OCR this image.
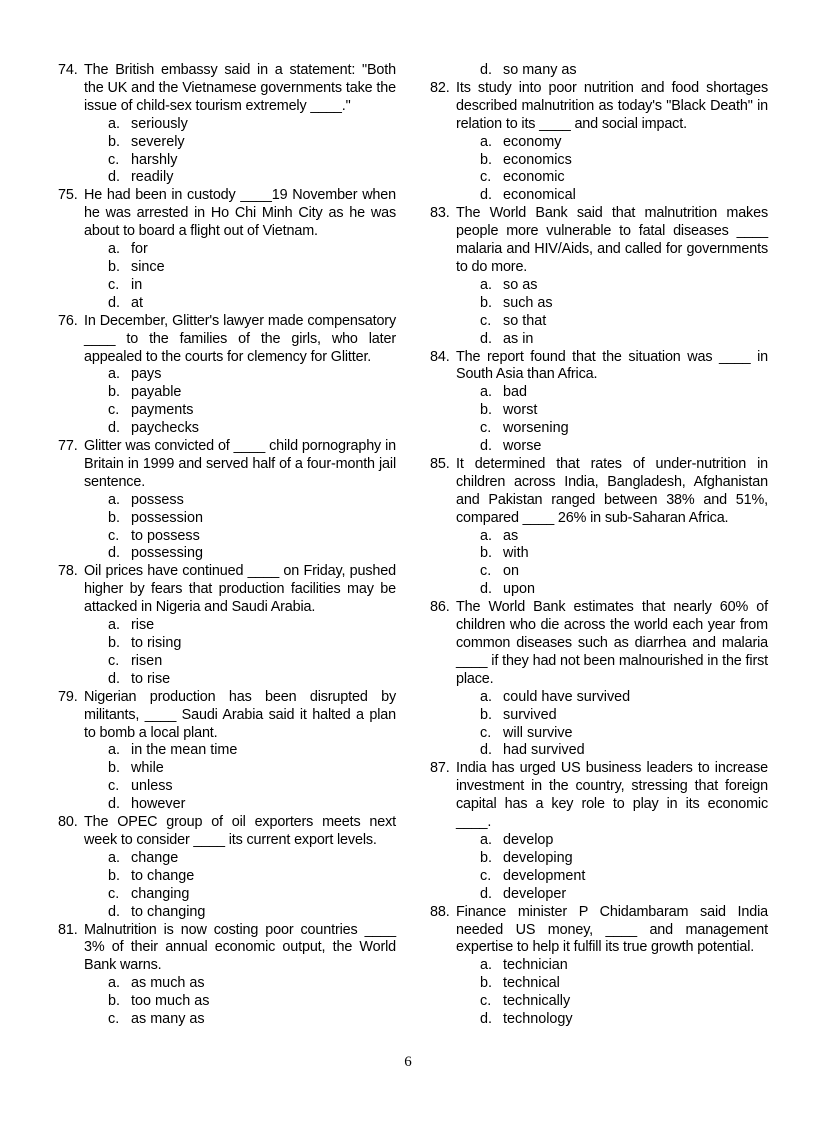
74. The British embassy said in a statement: "Both the UK and the Vietnamese governments take the issue of child-sex tourism extremely ____."
a. seriously
b. severely
c. harshly
d. readily
75. He had been in custody ____19 November when he was arrested in Ho Chi Minh City as he was about to board a flight out of Vietnam.
a. for
b. since
c. in
d. at
76. In December, Glitter's lawyer made compensatory ____ to the families of the girls, who later appealed to the courts for clemency for Glitter.
a. pays
b. payable
c. payments
d. paychecks
77. Glitter was convicted of ____ child pornography in Britain in 1999 and served half of a four-month jail sentence.
a. possess
b. possession
c. to possess
d. possessing
78. Oil prices have continued ____ on Friday, pushed higher by fears that production facilities may be attacked in Nigeria and Saudi Arabia.
a. rise
b. to rising
c. risen
d. to rise
79. Nigerian production has been disrupted by militants, ____ Saudi Arabia said it halted a plan to bomb a local plant.
a. in the mean time
b. while
c. unless
d. however
80. The OPEC group of oil exporters meets next week to consider ____ its current export levels.
a. change
b. to change
c. changing
d. to changing
81. Malnutrition is now costing poor countries ____ 3% of their annual economic output, the World Bank warns.
a. as much as
b. too much as
c. as many as
d. so many as
82. Its study into poor nutrition and food shortages described malnutrition as today's "Black Death" in relation to its ____ and social impact.
a. economy
b. economics
c. economic
d. economical
83. The World Bank said that malnutrition makes people more vulnerable to fatal diseases ____ malaria and HIV/Aids, and called for governments to do more.
a. so as
b. such as
c. so that
d. as in
84. The report found that the situation was ____ in South Asia than Africa.
a. bad
b. worst
c. worsening
d. worse
85. It determined that rates of under-nutrition in children across India, Bangladesh, Afghanistan and Pakistan ranged between 38% and 51%, compared ____ 26% in sub-Saharan Africa.
a. as
b. with
c. on
d. upon
86. The World Bank estimates that nearly 60% of children who die across the world each year from common diseases such as diarrhea and malaria ____ if they had not been malnourished in the first place.
a. could have survived
b. survived
c. will survive
d. had survived
87. India has urged US business leaders to increase investment in the country, stressing that foreign capital has a key role to play in its economic ____.
a. develop
b. developing
c. development
d. developer
88. Finance minister P Chidambaram said India needed US money, ____ and management expertise to help it fulfill its true growth potential.
a. technician
b. technical
c. technically
d. technology
6
